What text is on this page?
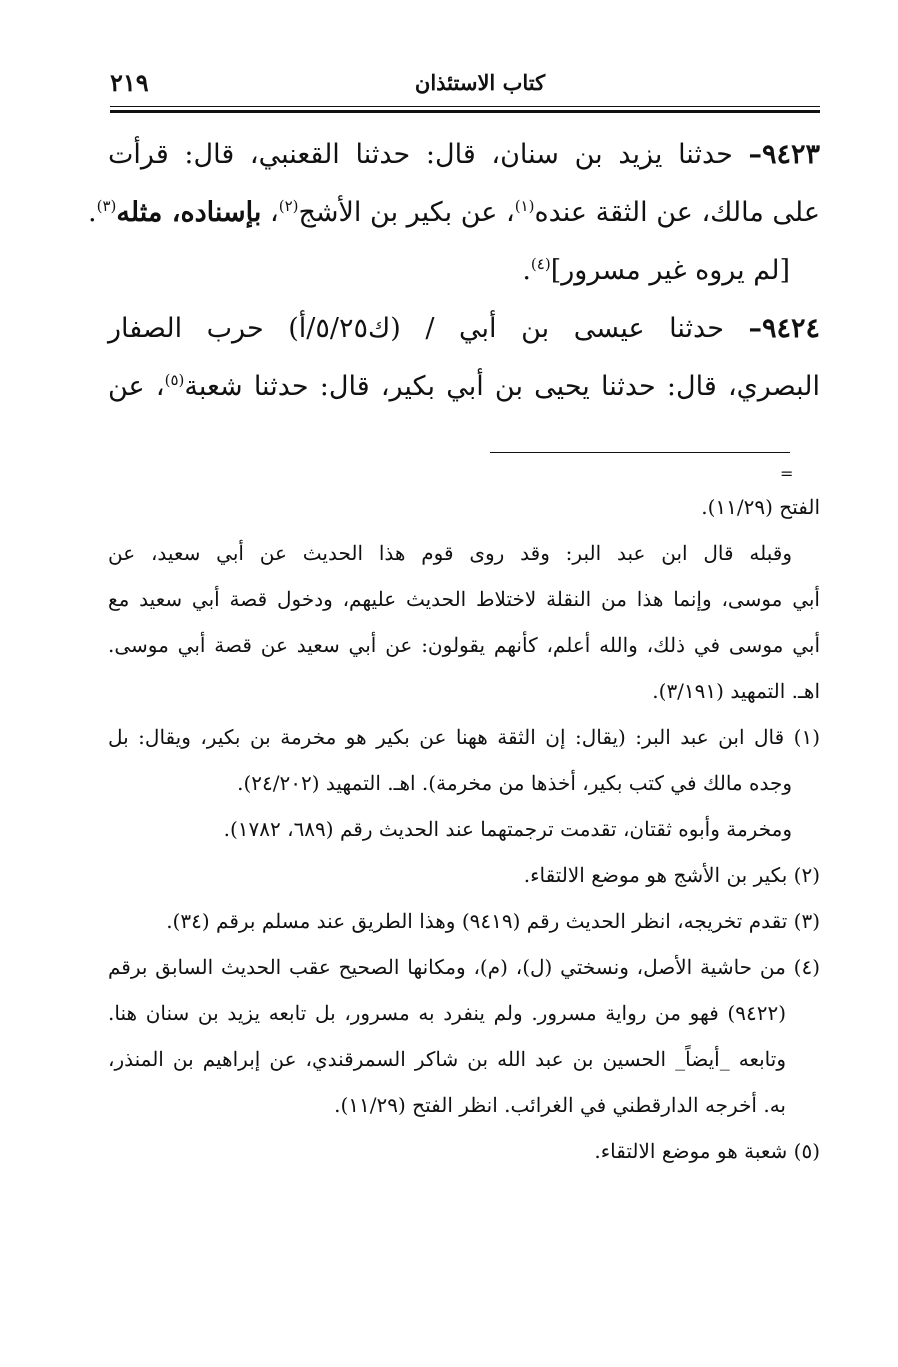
٢١٩	كتاب الاستئذان
٩٤٢٣– حدثنا يزيد بن سنان، قال: حدثنا القعنبي، قال: قرأت
على مالك، عن الثقة عنده$^{(١)}$، عن بكير بن الأشج$^{(٢)}$، بإسناده، مثله$^{(٣)}$.
[لم يروه غير مسرور]$^{(٤)}$.
٩٤٢٤– حدثنا عيسى بن أبي / (ك٥/٢٥/أ) حرب الصفار
البصري، قال: حدثنا يحيى بن أبي بكير، قال: حدثنا شعبة$^{(٥)}$، عن
=
الفتح (١١/٢٩).
وقبله قال ابن عبد البر: وقد روى قوم هذا الحديث عن أبي سعيد، عن
أبي موسى، وإنما هذا من النقلة لاختلاط الحديث عليهم، ودخول قصة أبي سعيد مع
أبي موسى في ذلك، والله أعلم، كأنهم يقولون: عن أبي سعيد عن قصة أبي موسى.
اهـ. التمهيد (٣/١٩١).
(١) قال ابن عبد البر: (يقال: إن الثقة ههنا عن بكير هو مخرمة بن بكير، ويقال: بل
وجده مالك في كتب بكير، أخذها من مخرمة). اهـ. التمهيد (٢٤/٢٠٢).
ومخرمة وأبوه ثقتان، تقدمت ترجمتهما عند الحديث رقم (٦٨٩، ١٧٨٢).
(٢) بكير بن الأشج هو موضع الالتقاء.
(٣) تقدم تخريجه، انظر الحديث رقم (٩٤١٩) وهذا الطريق عند مسلم برقم (٣٤).
(٤) من حاشية الأصل، ونسختي (ل)، (م)، ومكانها الصحيح عقب الحديث السابق برقم
(٩٤٢٢) فهو من رواية مسرور. ولم ينفرد به مسرور، بل تابعه يزيد بن سنان هنا.
وتابعه _أيضاً_ الحسين بن عبد الله بن شاكر السمرقندي، عن إبراهيم بن المنذر،
به. أخرجه الدارقطني في الغرائب. انظر الفتح (١١/٢٩).
(٥) شعبة هو موضع الالتقاء.
